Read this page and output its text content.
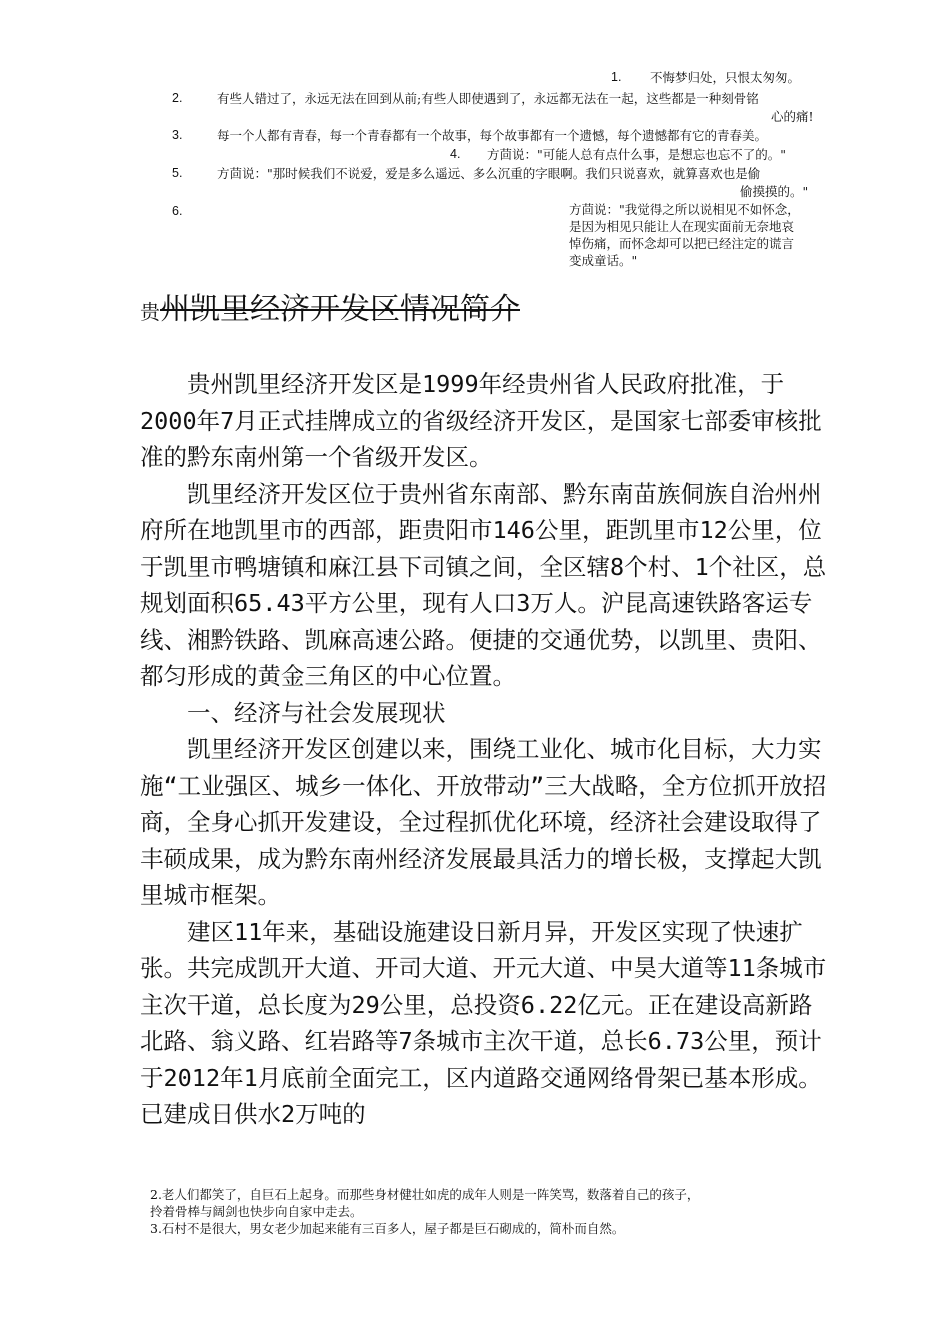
1. 不悔梦归处，只恨太匆匆。
2.	有些人错过了，永远无法在回到从前;有些人即使遇到了，永远都无法在一起，这些都是一种刻骨铭
心的痛!
3.	每一个人都有青春，每一个青春都有一个故事，每个故事都有一个遗憾，每个遗憾都有它的青春美。
4. 方茴说："可能人总有点什么事，是想忘也忘不了的。"
5.	方茴说："那时候我们不说爱，爱是多么遥远、多么沉重的字眼啊。我们只说喜欢，就算喜欢也是偷
偷摸摸的。"
6.	方茴说："我觉得之所以说相见不如怀念，
是因为相见只能让人在现实面前无奈地哀
悼伤痛，而怀念却可以把已经注定的谎言
变成童话。"
贵州凯里经济开发区情况简介

贵州凯里经济开发区是1999年经贵州省人民政府批准，于2000年7月正式挂牌成立的省级经济开发区，是国家七部委审核批准的黔东南州第一个省级开发区。

凯里经济开发区位于贵州省东南部、黔东南苗族侗族自治州州府所在地凯里市的西部，距贵阳市146公里，距凯里市12公里，位于凯里市鸭塘镇和麻江县下司镇之间，全区辖8个村、1个社区，总规划面积65.43平方公里，现有人口3万人。沪昆高速铁路客运专线、湘黔铁路、凯麻高速公路。便捷的交通优势，以凯里、贵阳、都匀形成的黄金三角区的中心位置。

一、经济与社会发展现状

凯里经济开发区创建以来，围绕工业化、城市化目标，大力实施“工业强区、城乡一体化、开放带动”三大战略，全方位抓开放招商，全身心抓开发建设，全过程抓优化环境，经济社会建设取得了丰硕成果，成为黔东南州经济发展最具活力的增长极，支撑起大凯里城市框架。

建区11年来，基础设施建设日新月异，开发区实现了快速扩张。共完成凯开大道、开司大道、开元大道、中昊大道等11条城市主次干道，总长度为29公里，总投资6.22亿元。正在建设高新路北路、翁义路、红岩路等7条城市主次干道，总长6.73公里，预计于2012年1月底前全面完工，区内道路交通网络骨架已基本形成。已建成日供水2万吨的

2.老人们都笑了，自巨石上起身。而那些身材健壮如虎的成年人则是一阵笑骂，数落着自己的孩子，

拎着骨棒与阔剑也快步向自家中走去。

3.石村不是很大，男女老少加起来能有三百多人，屋子都是巨石砌成的，简朴而自然。
